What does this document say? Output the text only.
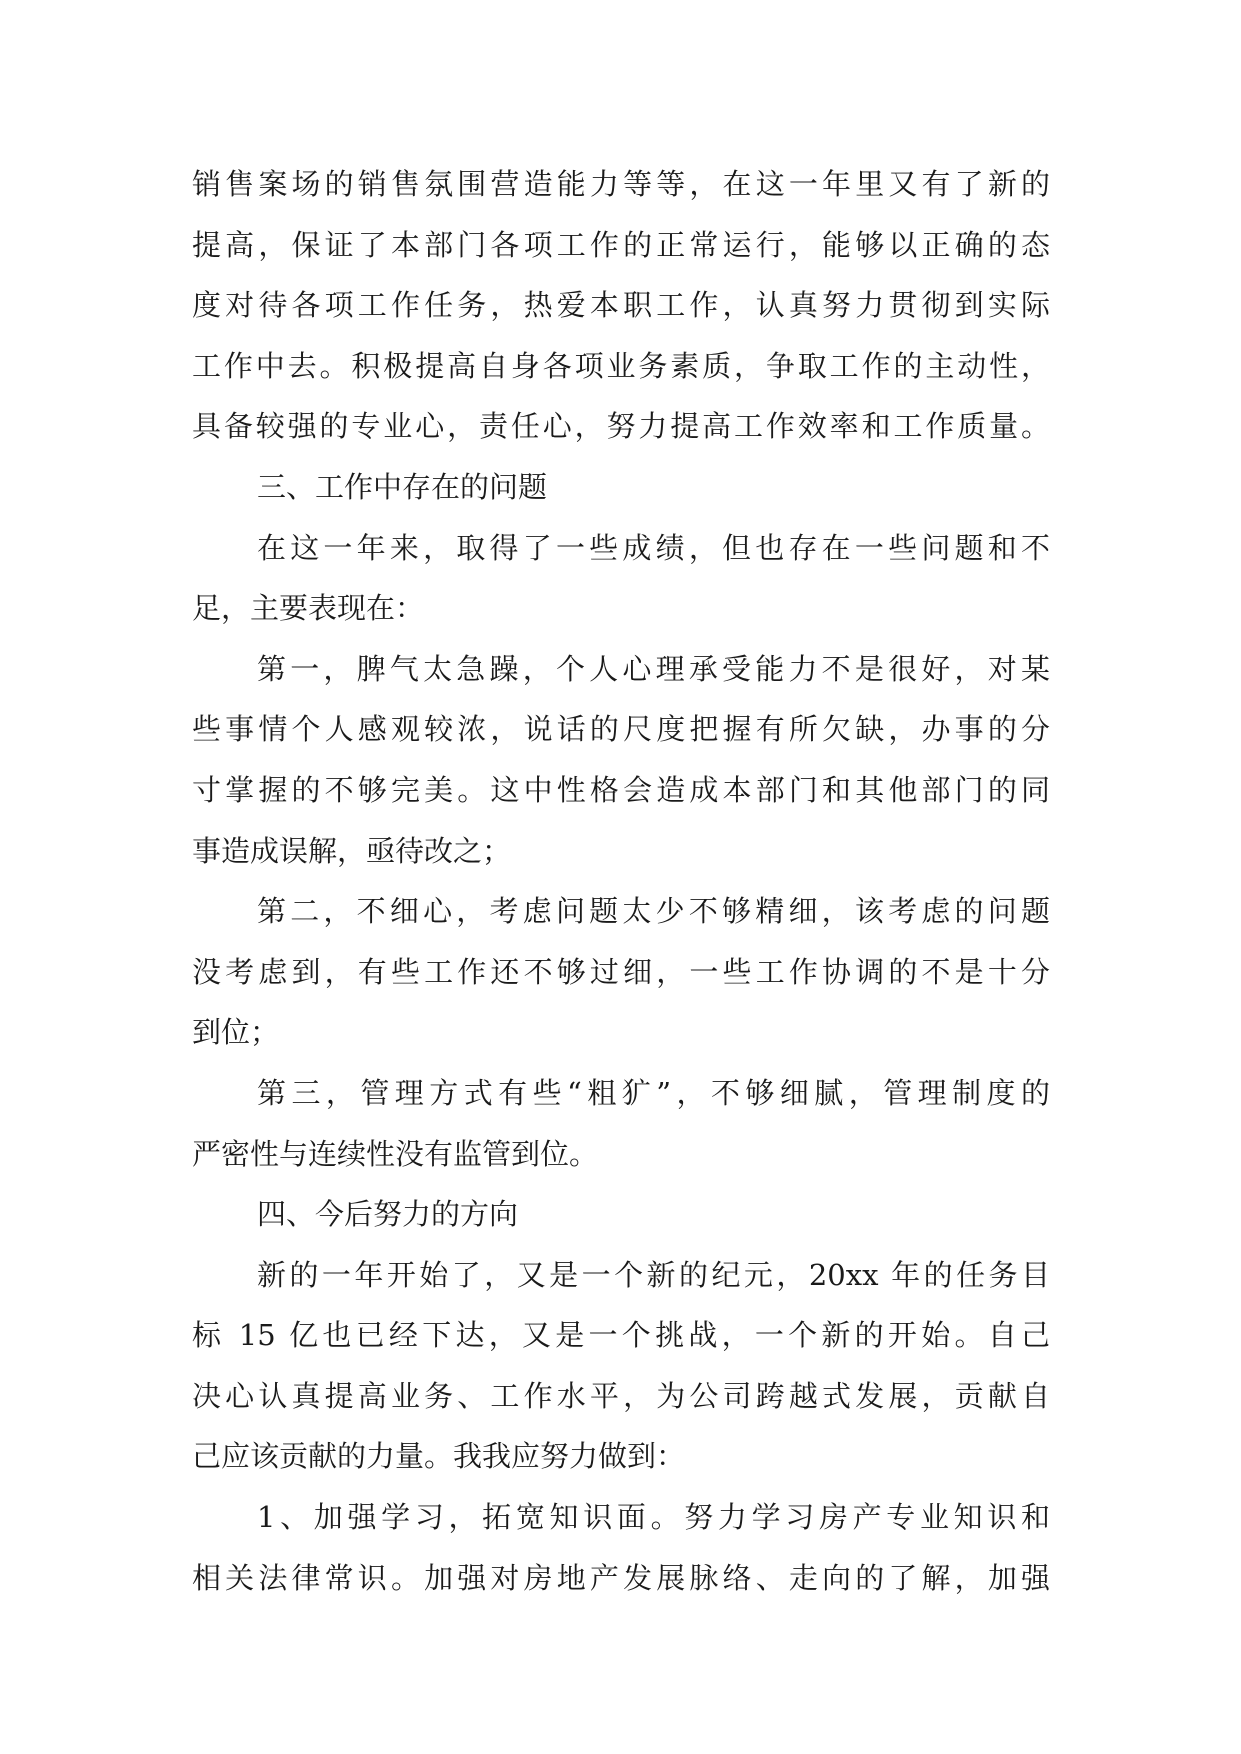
销售案场的销售氛围营造能力等等，在这一年里又有了新的
提高，保证了本部门各项工作的正常运行，能够以正确的态
度对待各项工作任务，热爱本职工作，认真努力贯彻到实际
工作中去。积极提高自身各项业务素质，争取工作的主动性，
具备较强的专业心，责任心，努力提高工作效率和工作质量。
三、工作中存在的问题
在这一年来，取得了一些成绩，但也存在一些问题和不
足，主要表现在：
第一，脾气太急躁，个人心理承受能力不是很好，对某
些事情个人感观较浓，说话的尺度把握有所欠缺，办事的分
寸掌握的不够完美。这中性格会造成本部门和其他部门的同
事造成误解，亟待改之；
第二，不细心，考虑问题太少不够精细，该考虑的问题
没考虑到，有些工作还不够过细，一些工作协调的不是十分
到位；
第三，管理方式有些“粗犷”，不够细腻，管理制度的
严密性与连续性没有监管到位。
四、今后努力的方向
新的一年开始了，又是一个新的纪元，20xx 年的任务目
标 15 亿也已经下达，又是一个挑战，一个新的开始。自己
决心认真提高业务、工作水平，为公司跨越式发展，贡献自
己应该贡献的力量。我我应努力做到：
1、加强学习，拓宽知识面。努力学习房产专业知识和
相关法律常识。加强对房地产发展脉络、走向的了解，加强
